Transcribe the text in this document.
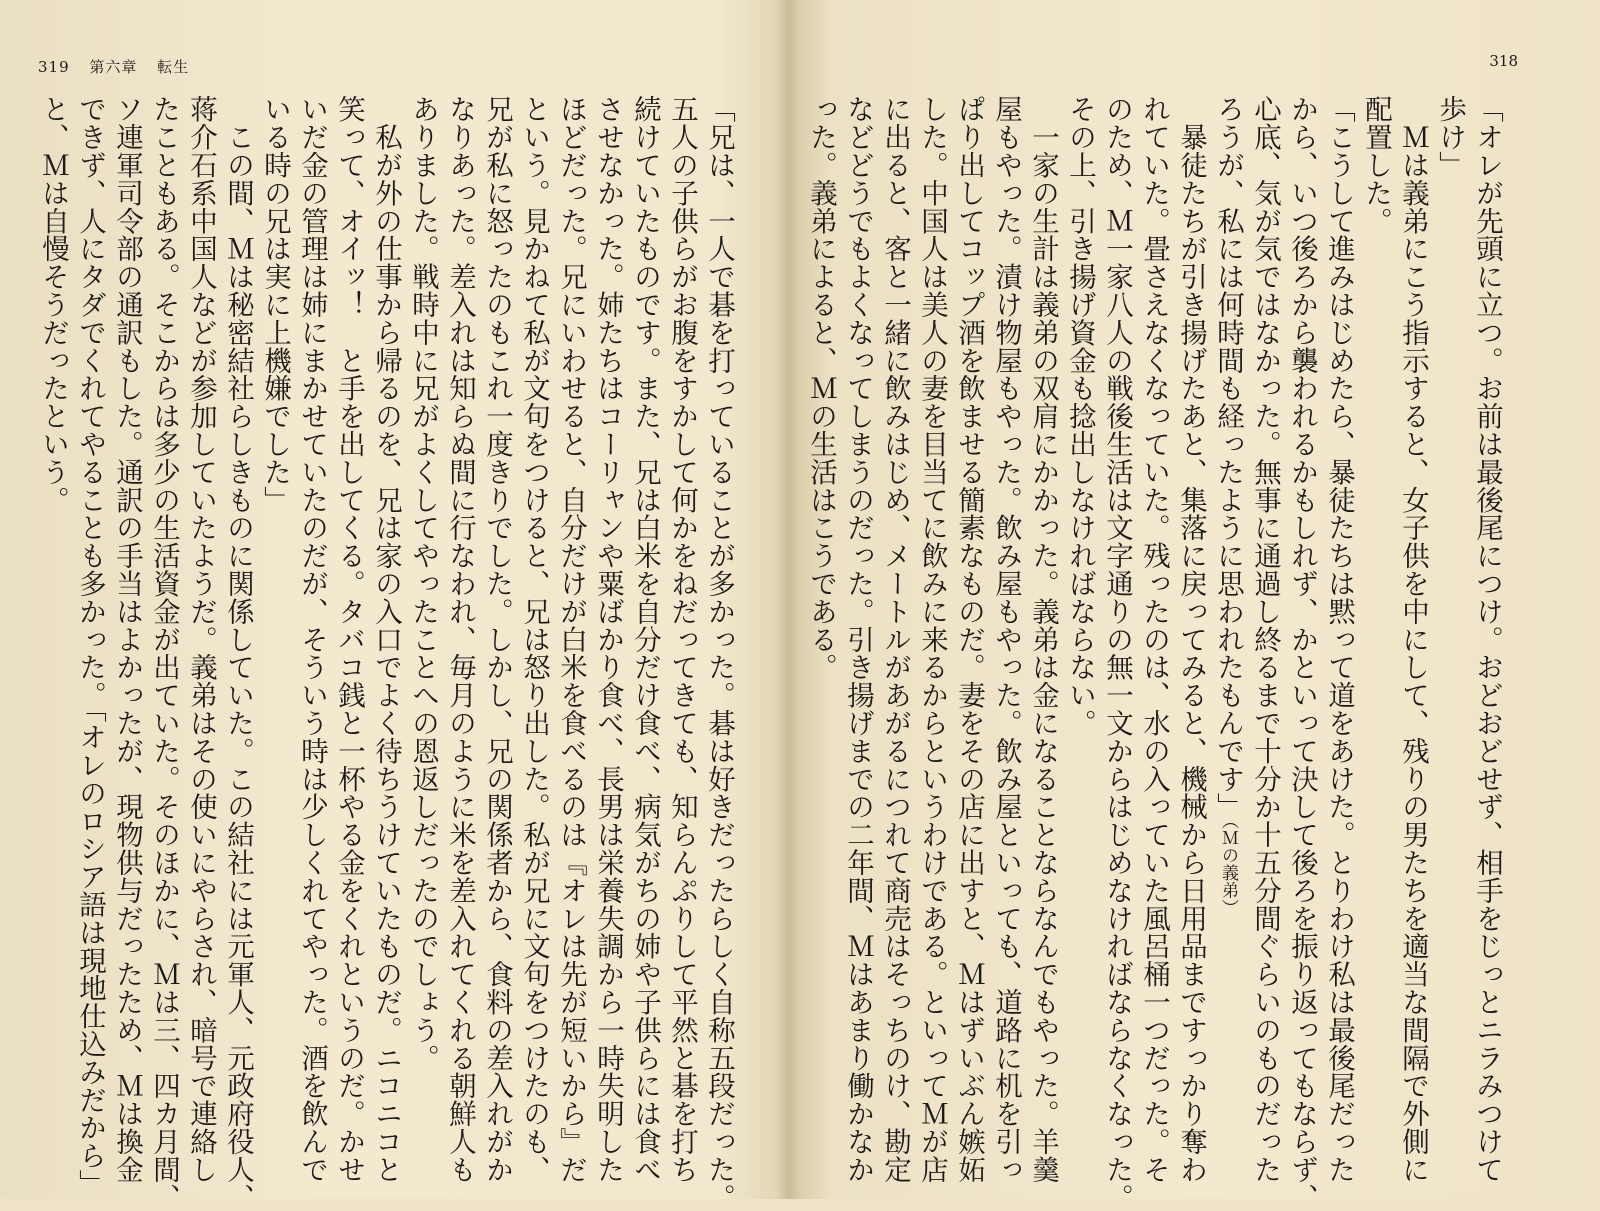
319 第六章 転生
「兄は、一人で碁を打っていることが多かった。碁は好きだったらしく自称五段だった。
五人の子供らがお腹をすかして何かをねだってきても、知らんぷりして平然と碁を打ち
続けていたものです。また、兄は白米を自分だけ食べ、病気がちの姉や子供らには食べ
させなかった。姉たちはコーリャンや粟ばかり食べ、長男は栄養失調から一時失明した
ほどだった。兄にいわせると、自分だけが白米を食べるのは『オレは先が短いから』だ
という。見かねて私が文句をつけると、兄は怒り出した。私が兄に文句をつけたのも、
兄が私に怒ったのもこれ一度きりでした。しかし、兄の関係者から、食料の差入れがか
なりあった。差入れは知らぬ間に行なわれ、毎月のように米を差入れてくれる朝鮮人も
ありました。戦時中に兄がよくしてやったことへの恩返しだったのでしょう。
　私が外の仕事から帰るのを、兄は家の入口でよく待ちうけていたものだ。ニコニコと
笑って、オイッ！　と手を出してくる。タバコ銭と一杯やる金をくれというのだ。かせ
いだ金の管理は姉にまかせていたのだが、そういう時は少しくれてやった。酒を飲んで
いる時の兄は実に上機嫌でした」
　この間、Ｍは秘密結社らしきものに関係していた。この結社には元軍人、元政府役人、
蒋介石系中国人などが参加していたようだ。義弟はその使いにやらされ、暗号で連絡し
たこともある。そこからは多少の生活資金が出ていた。そのほかに、Ｍは三、四カ月間、
ソ連軍司令部の通訳もした。通訳の手当はよかったが、現物供与だったため、Ｍは換金
できず、人にタダでくれてやることも多かった。「オレのロシア語は現地仕込みだから」
と、Ｍは自慢そうだったという。
318
「オレが先頭に立つ。お前は最後尾につけ。おどおどせず、相手をじっとニラみつけて
歩け」
　Ｍは義弟にこう指示すると、女子供を中にして、残りの男たちを適当な間隔で外側に
配置した。
「こうして進みはじめたら、暴徒たちは黙って道をあけた。とりわけ私は最後尾だった
から、いつ後ろから襲われるかもしれず、かといって決して後ろを振り返ってもならず、
心底、気が気ではなかった。無事に通過し終るまで十分か十五分間ぐらいのものだった
ろうが、私には何時間も経ったように思われたもんです」（Ｍの義弟）
　暴徒たちが引き揚げたあと、集落に戻ってみると、機械から日用品まですっかり奪わ
れていた。畳さえなくなっていた。残ったのは、水の入っていた風呂桶一つだった。そ
のため、Ｍ一家八人の戦後生活は文字通りの無一文からはじめなければならなくなった。
その上、引き揚げ資金も捻出しなければならない。
　一家の生計は義弟の双肩にかかった。義弟は金になることならなんでもやった。羊羹
屋もやった。漬け物屋もやった。飲み屋もやった。飲み屋といっても、道路に机を引っ
ぱり出してコップ酒を飲ませる簡素なものだ。妻をその店に出すと、Ｍはずいぶん嫉妬
した。中国人は美人の妻を目当てに飲みに来るからというわけである。といってＭが店
に出ると、客と一緒に飲みはじめ、メートルがあがるにつれて商売はそっちのけ、勘定
などどうでもよくなってしまうのだった。引き揚げまでの二年間、Ｍはあまり働かなか
った。義弟によると、Ｍの生活はこうである。
